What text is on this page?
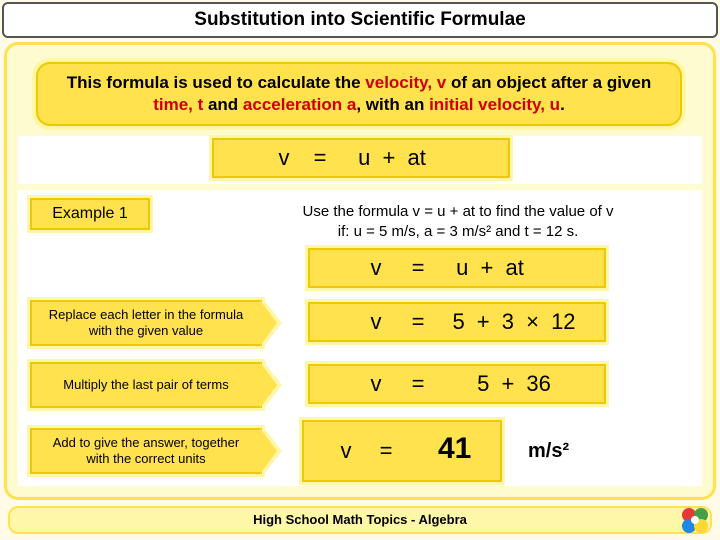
Substitution into Scientific Formulae
This formula is used to calculate the velocity, v of an object after a given
time, t and acceleration a, with an initial velocity, u.
v = u + at
Example 1	Use the formula v = u + at to find the value of v
if: u = 5 m/s, a = 3 m/s² and t = 12 s.
v = u + at
Replace each letter in the formula with the given value	v = 5 + 3 × 12
Multiply the last pair of terms	v = 5 + 36
Add to give the answer, together with the correct units	v = 41	m/s²
High School Math Topics - Algebra
